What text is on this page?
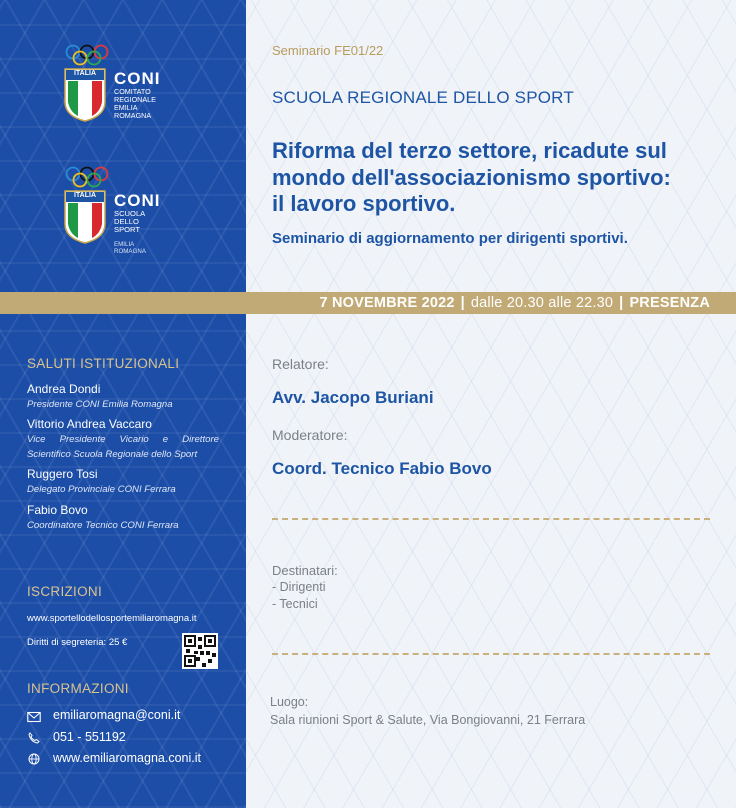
ITALIA	CONI
COMITATO
REGIONALE
EMILIA ROMAGNA
ITALIA	CONI
SCUOLA
DELLO SPORT
EMILIA ROMAGNA
SALUTI ISTITUZIONALI
Andrea Dondi
Presidente CONI Emilia Romagna
Vittorio Andrea Vaccaro
Vice Presidente Vicario e Direttore Scientifico Scuola Regionale dello Sport
Ruggero Tosi
Delegato Provinciale CONI Ferrara
Fabio Bovo
Coordinatore Tecnico CONI Ferrara
ISCRIZIONI
www.sportellodellosportemiliaromagna.it
Diritti di segreteria: 25 €
INFORMAZIONI
emiliaromagna@coni.it
051 - 551192
www.emiliaromagna.coni.it
Seminario FE01/22
SCUOLA REGIONALE DELLO SPORT
Riforma del terzo settore, ricadute sul
mondo dell'associazionismo sportivo:
il lavoro sportivo.
Seminario di aggiornamento per dirigenti sportivi.
7 NOVEMBRE 2022 | dalle 20.30 alle 22.30 | PRESENZA
Relatore:
Avv. Jacopo Buriani
Moderatore:
Coord. Tecnico Fabio Bovo
Destinatari:
- Dirigenti
- Tecnici
Luogo:
Sala riunioni Sport & Salute, Via Bongiovanni, 21 Ferrara
